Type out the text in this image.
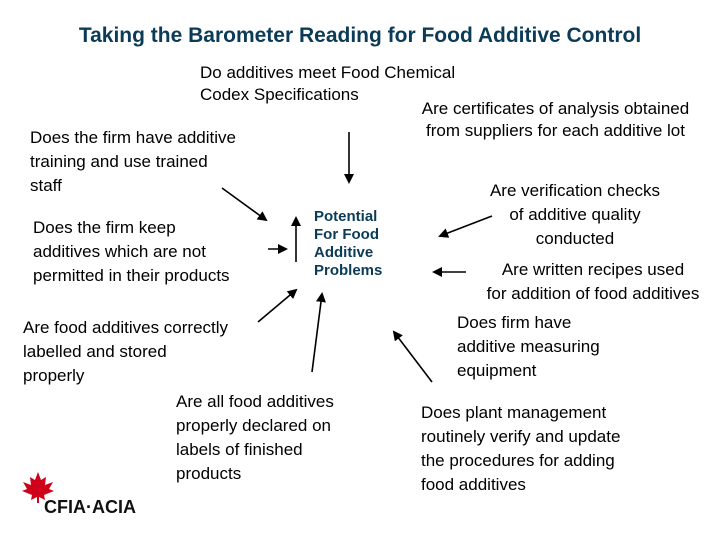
Taking the Barometer Reading for Food Additive Control
Do additives meet Food Chemical
Codex Specifications
Are certificates of analysis obtained
from suppliers for each additive lot
Does the firm have additive
training and use trained
staff
Does the firm keep
additives which are not
permitted in their products
Are verification checks
of additive quality
conducted
Are written recipes used
for addition of food additives
Are food additives correctly
labelled and stored
properly
Does firm have
additive measuring
equipment
Are all food additives
properly declared on
labels of finished
products
Does plant management
routinely verify and update
the procedures for adding
food additives
Potential
For Food
Additive
Problems
CFIA·ACIA
